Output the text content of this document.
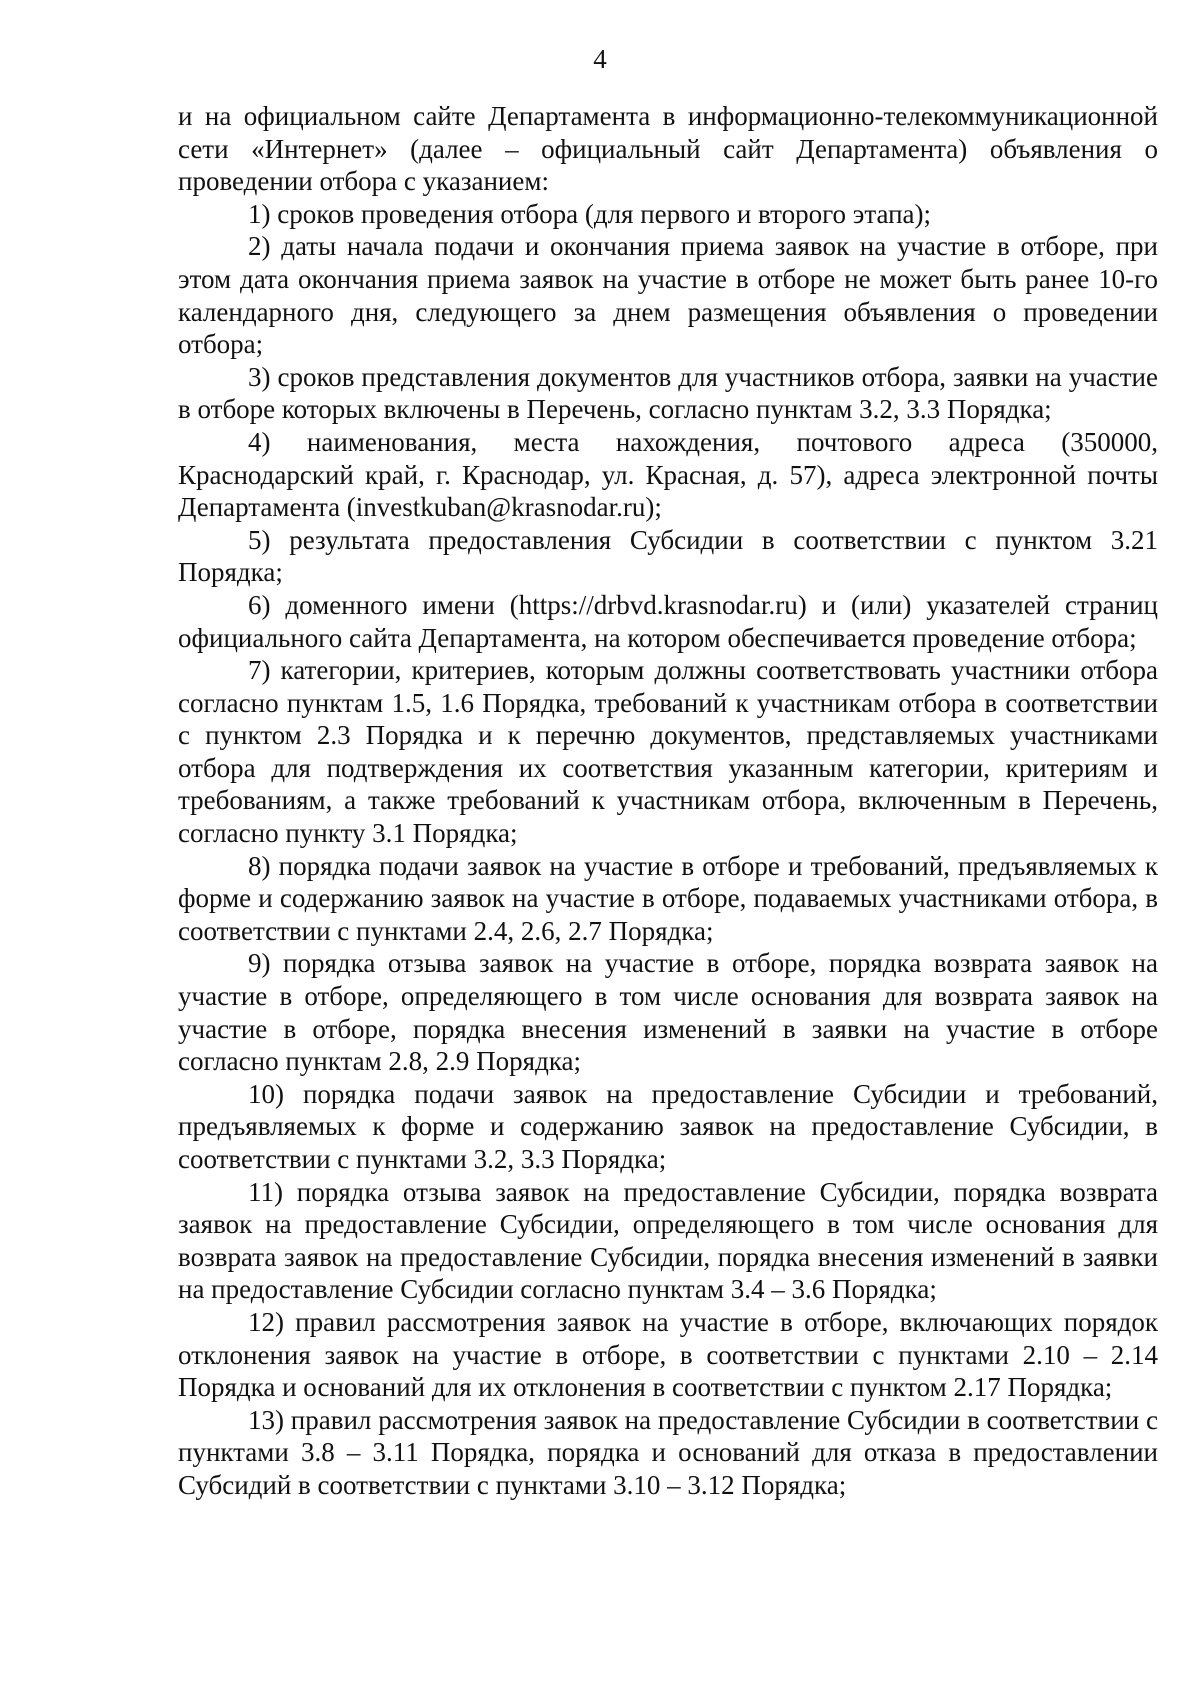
4

и на официальном сайте Департамента в информационно-телекоммуникационной сети «Интернет» (далее – официальный сайт Департамента) объявления о проведении отбора с указанием:

1) сроков проведения отбора (для первого и второго этапа);

2) даты начала подачи и окончания приема заявок на участие в отборе, при этом дата окончания приема заявок на участие в отборе не может быть ранее 10-го календарного дня, следующего за днем размещения объявления о проведении отбора;

3) сроков представления документов для участников отбора, заявки на участие в отборе которых включены в Перечень, согласно пунктам 3.2, 3.3 Порядка;

4) наименования, места нахождения, почтового адреса (350000, Краснодарский край, г. Краснодар, ул. Красная, д. 57), адреса электронной почты Департамента (investkuban@krasnodar.ru);

5) результата предоставления Субсидии в соответствии с пунктом 3.21 Порядка;

6) доменного имени (https://drbvd.krasnodar.ru) и (или) указателей страниц официального сайта Департамента, на котором обеспечивается проведение отбора;

7) категории, критериев, которым должны соответствовать участники отбора согласно пунктам 1.5, 1.6 Порядка, требований к участникам отбора в соответствии с пунктом 2.3 Порядка и к перечню документов, представляемых участниками отбора для подтверждения их соответствия указанным категории, критериям и требованиям, а также требований к участникам отбора, включенным в Перечень, согласно пункту 3.1 Порядка;

8) порядка подачи заявок на участие в отборе и требований, предъявляемых к форме и содержанию заявок на участие в отборе, подаваемых участниками отбора, в соответствии с пунктами 2.4, 2.6, 2.7 Порядка;

9) порядка отзыва заявок на участие в отборе, порядка возврата заявок на участие в отборе, определяющего в том числе основания для возврата заявок на участие в отборе, порядка внесения изменений в заявки на участие в отборе согласно пунктам 2.8, 2.9 Порядка;

10) порядка подачи заявок на предоставление Субсидии и требований, предъявляемых к форме и содержанию заявок на предоставление Субсидии, в соответствии с пунктами 3.2, 3.3 Порядка;

11) порядка отзыва заявок на предоставление Субсидии, порядка возврата заявок на предоставление Субсидии, определяющего в том числе основания для возврата заявок на предоставление Субсидии, порядка внесения изменений в заявки на предоставление Субсидии согласно пунктам 3.4 – 3.6 Порядка;

12) правил рассмотрения заявок на участие в отборе, включающих порядок отклонения заявок на участие в отборе, в соответствии с пунктами 2.10 – 2.14 Порядка и оснований для их отклонения в соответствии с пунктом 2.17 Порядка;

13) правил рассмотрения заявок на предоставление Субсидии в соответствии с пунктами 3.8 – 3.11 Порядка, порядка и оснований для отказа в предоставлении Субсидий в соответствии с пунктами 3.10 – 3.12 Порядка;
